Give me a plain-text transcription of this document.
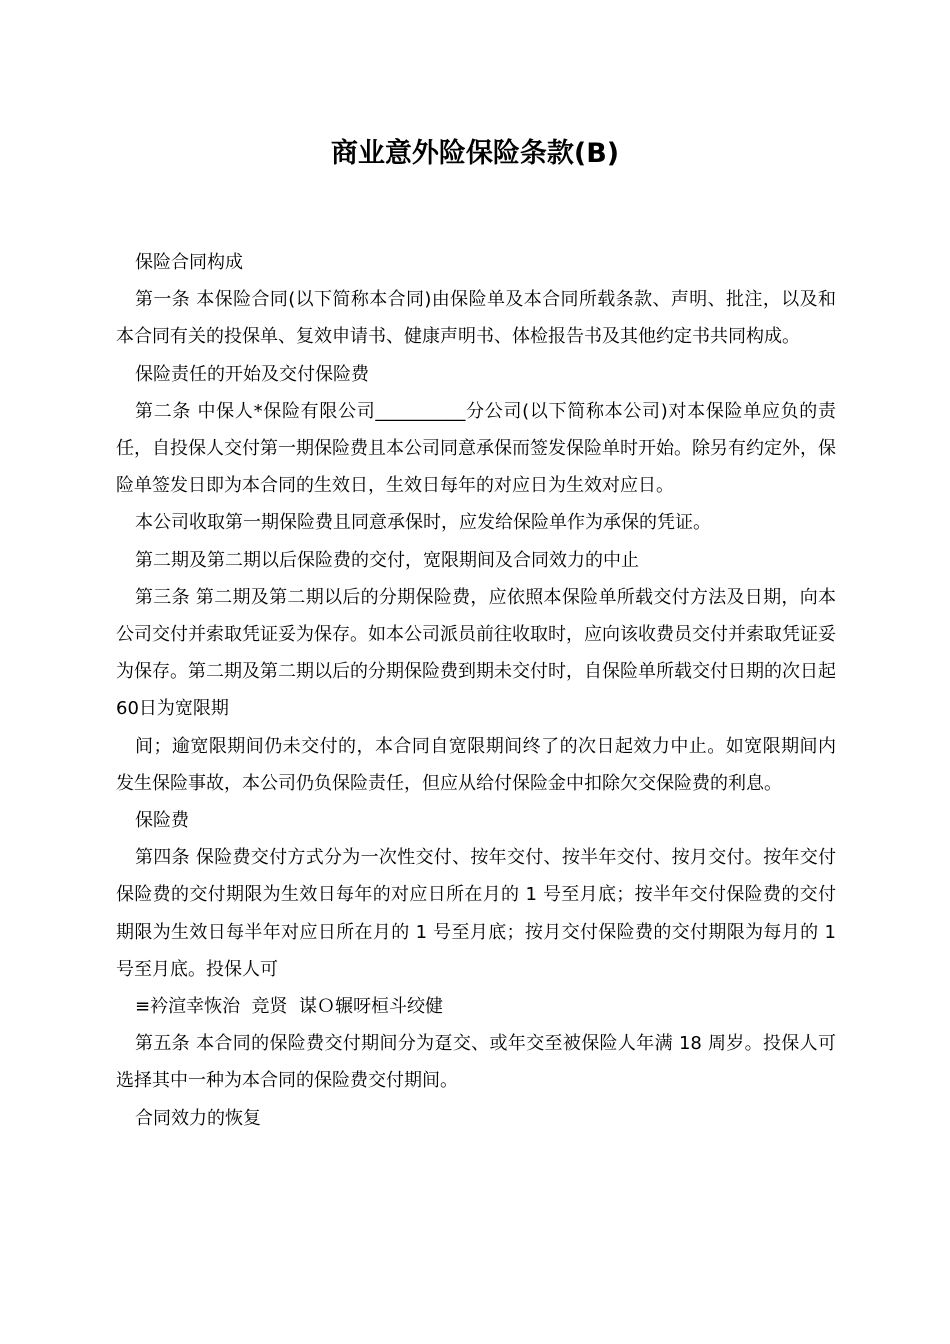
商业意外险保险条款(B)

保险合同构成

第一条 本保险合同(以下简称本合同)由保险单及本合同所载条款、声明、批注，以及和本合同有关的投保单、复效申请书、健康声明书、体检报告书及其他约定书共同构成。

保险责任的开始及交付保险费

第二条 中保人*保险有限公司__________分公司(以下简称本公司)对本保险单应负的责任，自投保人交付第一期保险费且本公司同意承保而签发保险单时开始。除另有约定外，保险单签发日即为本合同的生效日，生效日每年的对应日为生效对应日。

本公司收取第一期保险费且同意承保时，应发给保险单作为承保的凭证。

第二期及第二期以后保险费的交付，宽限期间及合同效力的中止

第三条 第二期及第二期以后的分期保险费，应依照本保险单所载交付方法及日期，向本公司交付并索取凭证妥为保存。如本公司派员前往收取时，应向该收费员交付并索取凭证妥为保存。第二期及第二期以后的分期保险费到期未交付时，自保险单所载交付日期的次日起60日为宽限期

间；逾宽限期间仍未交付的，本合同自宽限期间终了的次日起效力中止。如宽限期间内发生保险事故，本公司仍负保险责任，但应从给付保险金中扣除欠交保险费的利息。

保险费

第四条 保险费交付方式分为一次性交付、按年交付、按半年交付、按月交付。按年交付保险费的交付期限为生效日每年的对应日所在月的 1 号至月底；按半年交付保险费的交付期限为生效日每半年对应日所在月的 1 号至月底；按月交付保险费的交付期限为每月的 1 号至月底。投保人可

≡衿渲幸恢治  竞贤  谋Ｏ辗呀桓斗绞健

第五条 本合同的保险费交付期间分为趸交、或年交至被保险人年满 18 周岁。投保人可选择其中一种为本合同的保险费交付期间。

合同效力的恢复
